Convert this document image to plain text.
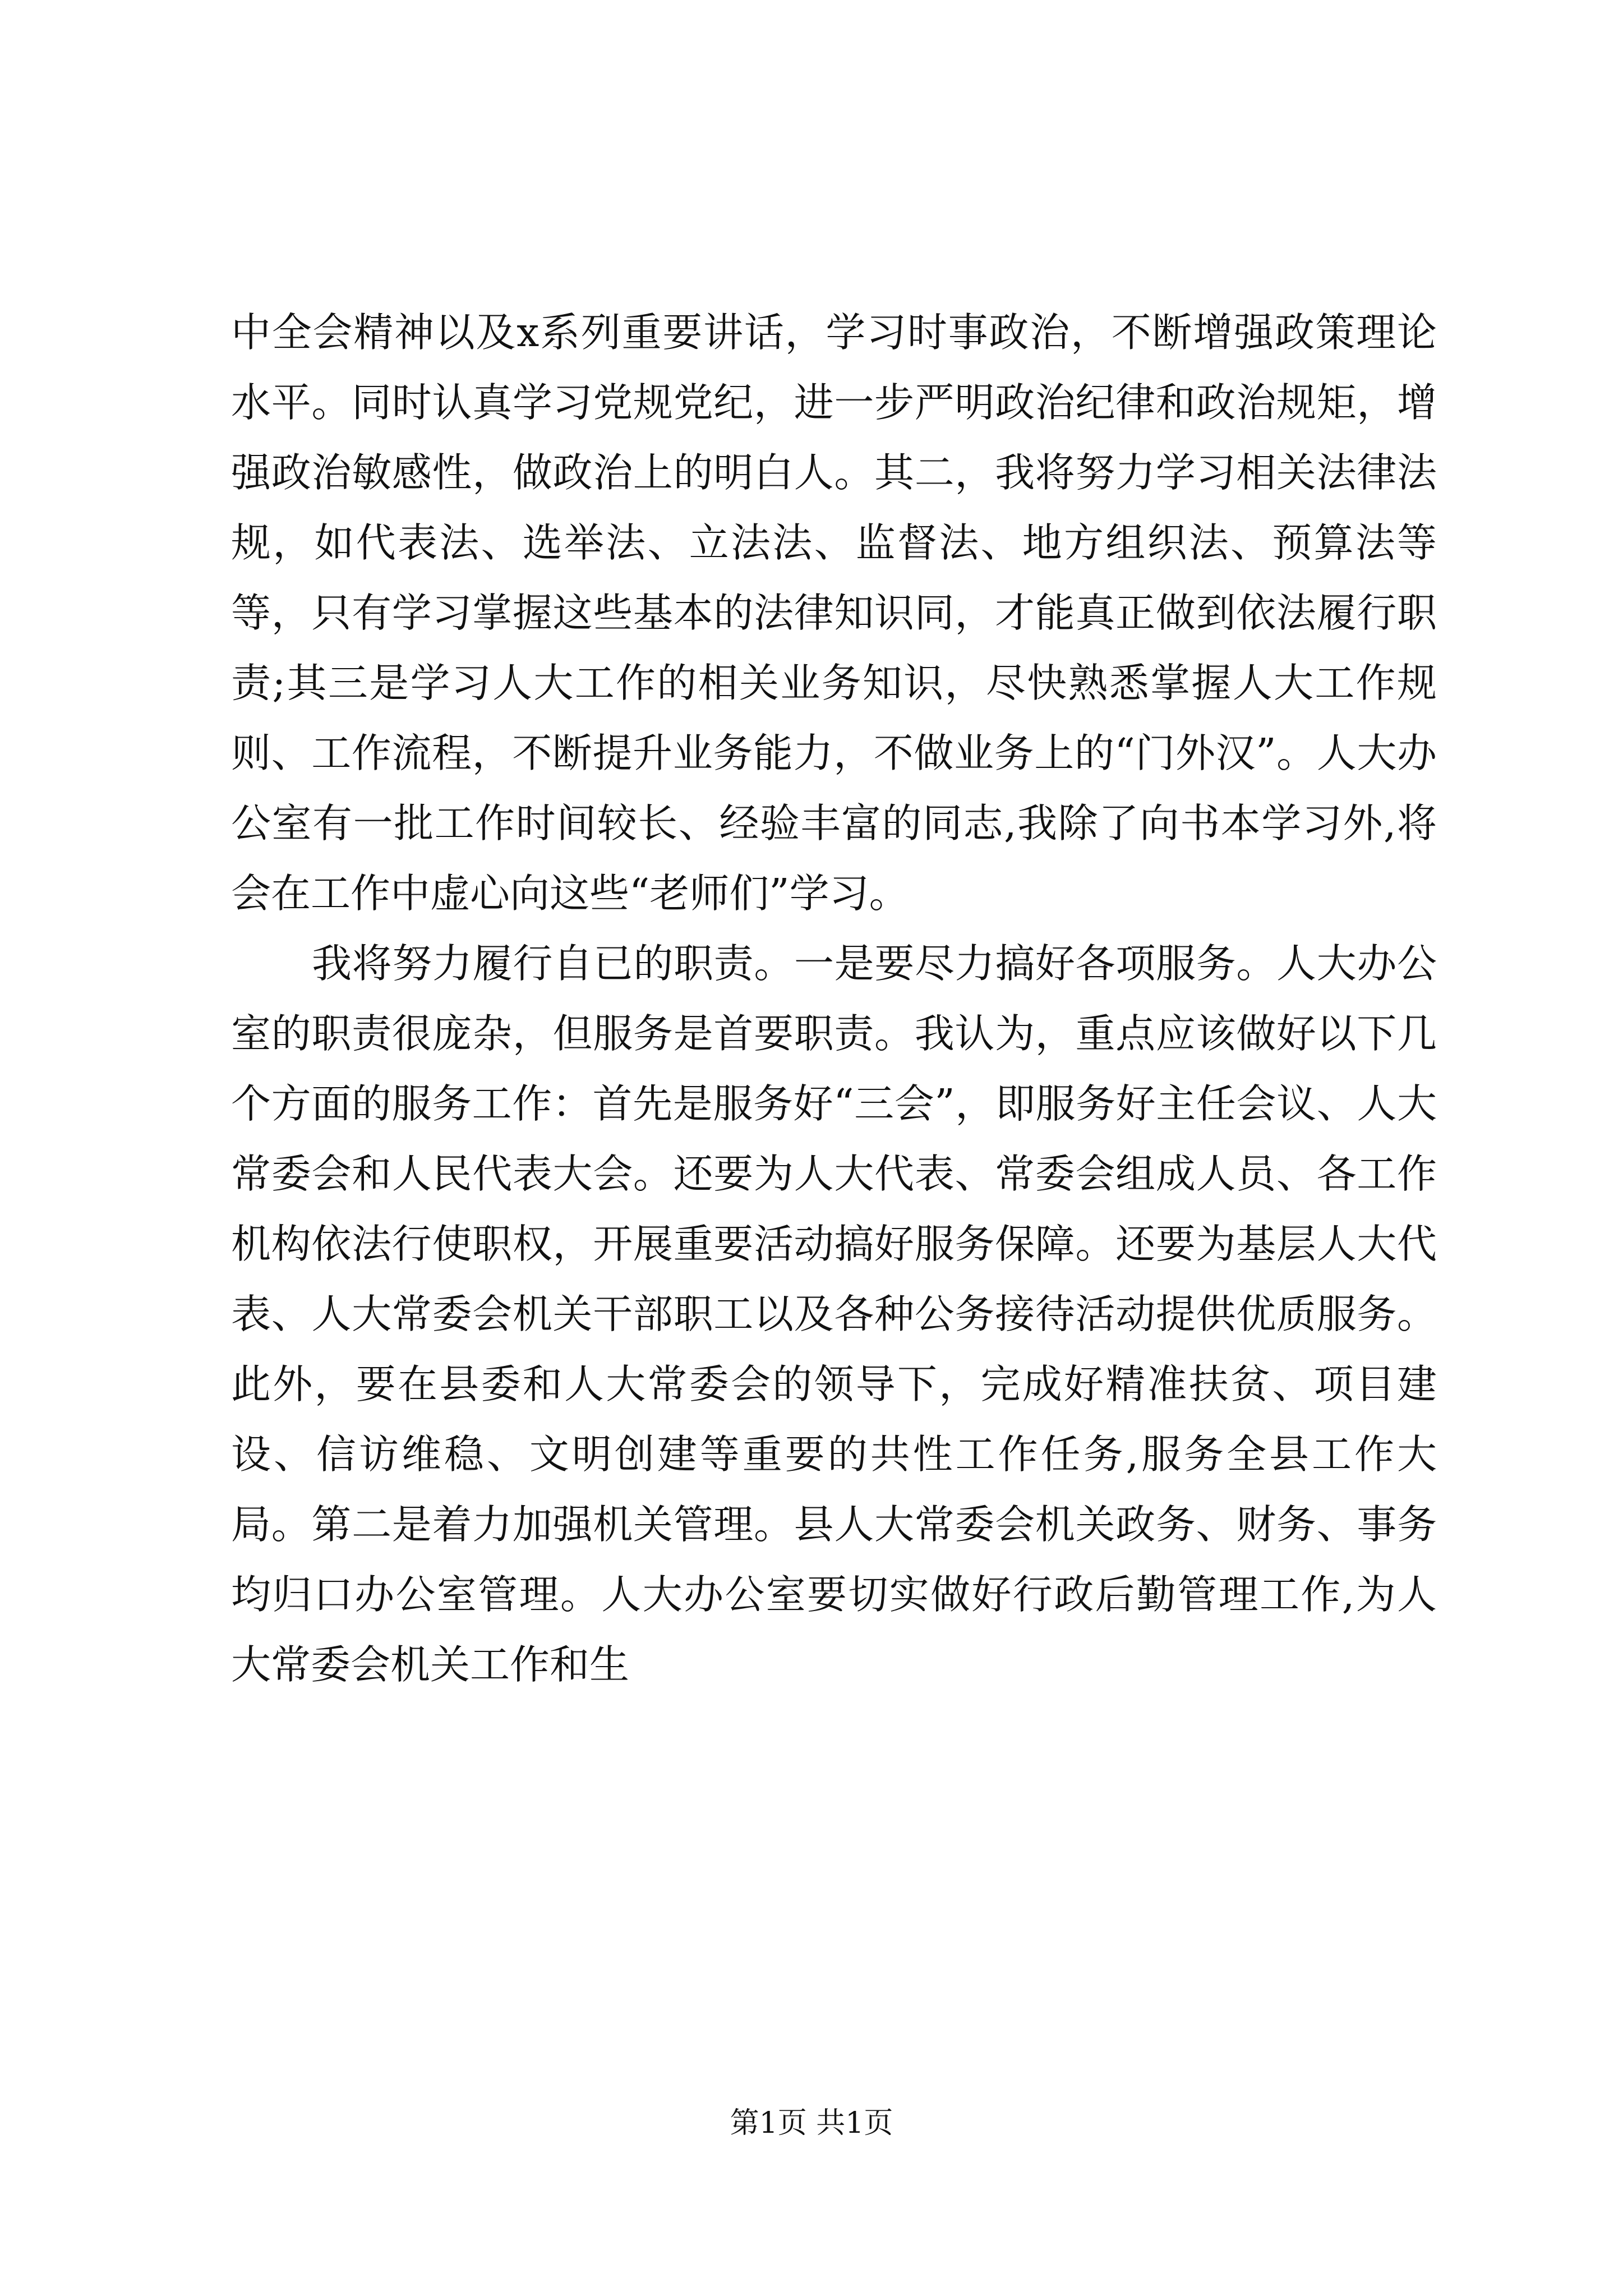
中全会精神以及x系列重要讲话，学习时事政治，不断增强政策理论水平。同时认真学习党规党纪，进一步严明政治纪律和政治规矩，增强政治敏感性，做政治上的明白人。其二，我将努力学习相关法律法规，如代表法、选举法、立法法、监督法、地方组织法、预算法等等，只有学习掌握这些基本的法律知识同，才能真正做到依法履行职责;其三是学习人大工作的相关业务知识，尽快熟悉掌握人大工作规则、工作流程，不断提升业务能力，不做业务上的“门外汉”。人大办公室有一批工作时间较长、经验丰富的同志,我除了向书本学习外,将会在工作中虚心向这些“老师们”学习。

我将努力履行自已的职责。一是要尽力搞好各项服务。人大办公室的职责很庞杂，但服务是首要职责。我认为，重点应该做好以下几个方面的服务工作：首先是服务好“三会”，即服务好主任会议、人大常委会和人民代表大会。还要为人大代表、常委会组成人员、各工作机构依法行使职权，开展重要活动搞好服务保障。还要为基层人大代表、人大常委会机关干部职工以及各种公务接待活动提供优质服务。此外，要在县委和人大常委会的领导下，完成好精准扶贫、项目建设、信访维稳、文明创建等重要的共性工作任务,服务全县工作大局。第二是着力加强机关管理。县人大常委会机关政务、财务、事务均归口办公室管理。人大办公室要切实做好行政后勤管理工作,为人大常委会机关工作和生

第1页 共1页
